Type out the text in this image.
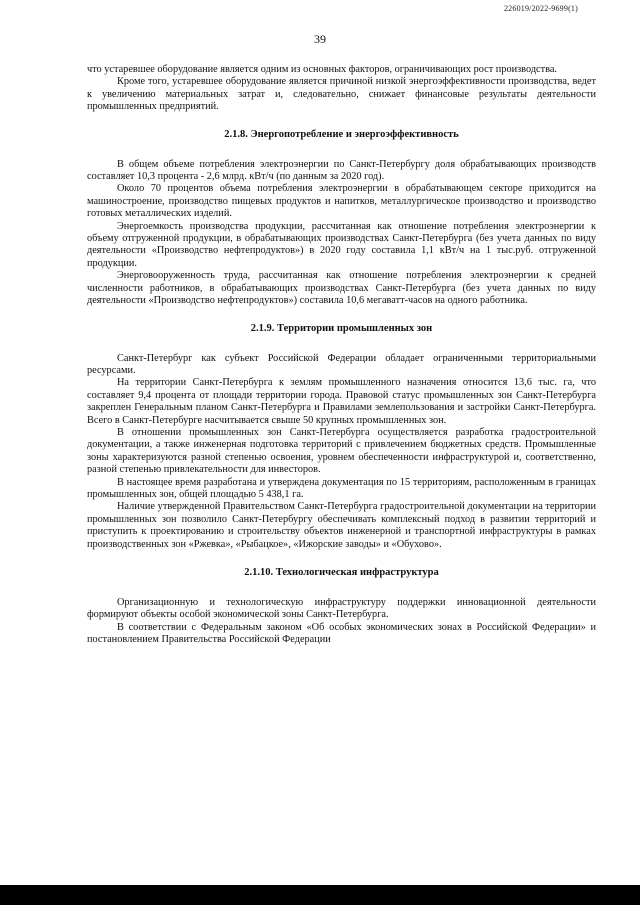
226019/2022-9699(1)
39

что устаревшее оборудование является одним из основных факторов, ограничивающих рост производства.

Кроме того, устаревшее оборудование является причиной низкой энергоэффективности производства, ведет к увеличению материальных затрат и, следовательно, снижает финансовые результаты деятельности промышленных предприятий.

2.1.8. Энергопотребление и энергоэффективность

В общем объеме потребления электроэнергии по Санкт-Петербургу доля обрабатывающих производств составляет 10,3 процента - 2,6 млрд. кВт/ч (по данным за 2020 год).

Около 70 процентов объема потребления электроэнергии в обрабатывающем секторе приходится на машиностроение, производство пищевых продуктов и напитков, металлургическое производство и производство готовых металлических изделий.

Энергоемкость производства продукции, рассчитанная как отношение потребления электроэнергии к объему отгруженной продукции, в обрабатывающих производствах Санкт-Петербурга (без учета данных по виду деятельности «Производство нефтепродуктов») в 2020 году составила 1,1 кВт/ч на 1 тыс.руб. отгруженной продукции.

Энерговооруженность труда, рассчитанная как отношение потребления электроэнергии к средней численности работников, в обрабатывающих производствах Санкт-Петербурга (без учета данных по виду деятельности «Производство нефтепродуктов») составила 10,6 мегаватт-часов на одного работника.

2.1.9. Территории промышленных зон

Санкт-Петербург как субъект Российской Федерации обладает ограниченными территориальными ресурсами.

На территории Санкт-Петербурга к землям промышленного назначения относится 13,6 тыс. га, что составляет 9,4 процента от площади территории города. Правовой статус промышленных зон Санкт-Петербурга закреплен Генеральным планом Санкт-Петербурга и Правилами землепользования и застройки Санкт-Петербурга. Всего в Санкт-Петербурге насчитывается свыше 50 крупных промышленных зон.

В отношении промышленных зон Санкт-Петербурга осуществляется разработка градостроительной документации, а также инженерная подготовка территорий с привлечением бюджетных средств. Промышленные зоны характеризуются разной степенью освоения, уровнем обеспеченности инфраструктурой и, соответственно, разной степенью привлекательности для инвесторов.

В настоящее время разработана и утверждена документация по 15 территориям, расположенным в границах промышленных зон, общей площадью 5 438,1 га.

Наличие утвержденной Правительством Санкт-Петербурга градостроительной документации на территории промышленных зон позволило Санкт-Петербургу обеспечивать комплексный подход в развитии территорий и приступить к проектированию и строительству объектов инженерной и транспортной инфраструктуры в рамках производственных зон «Ржевка», «Рыбацкое», «Ижорские заводы» и «Обухово».

2.1.10. Технологическая инфраструктура

Организационную и технологическую инфраструктуру поддержки инновационной деятельности формируют объекты особой экономической зоны Санкт-Петербурга.

В соответствии с Федеральным законом «Об особых экономических зонах в Российской Федерации» и постановлением Правительства Российской Федерации
